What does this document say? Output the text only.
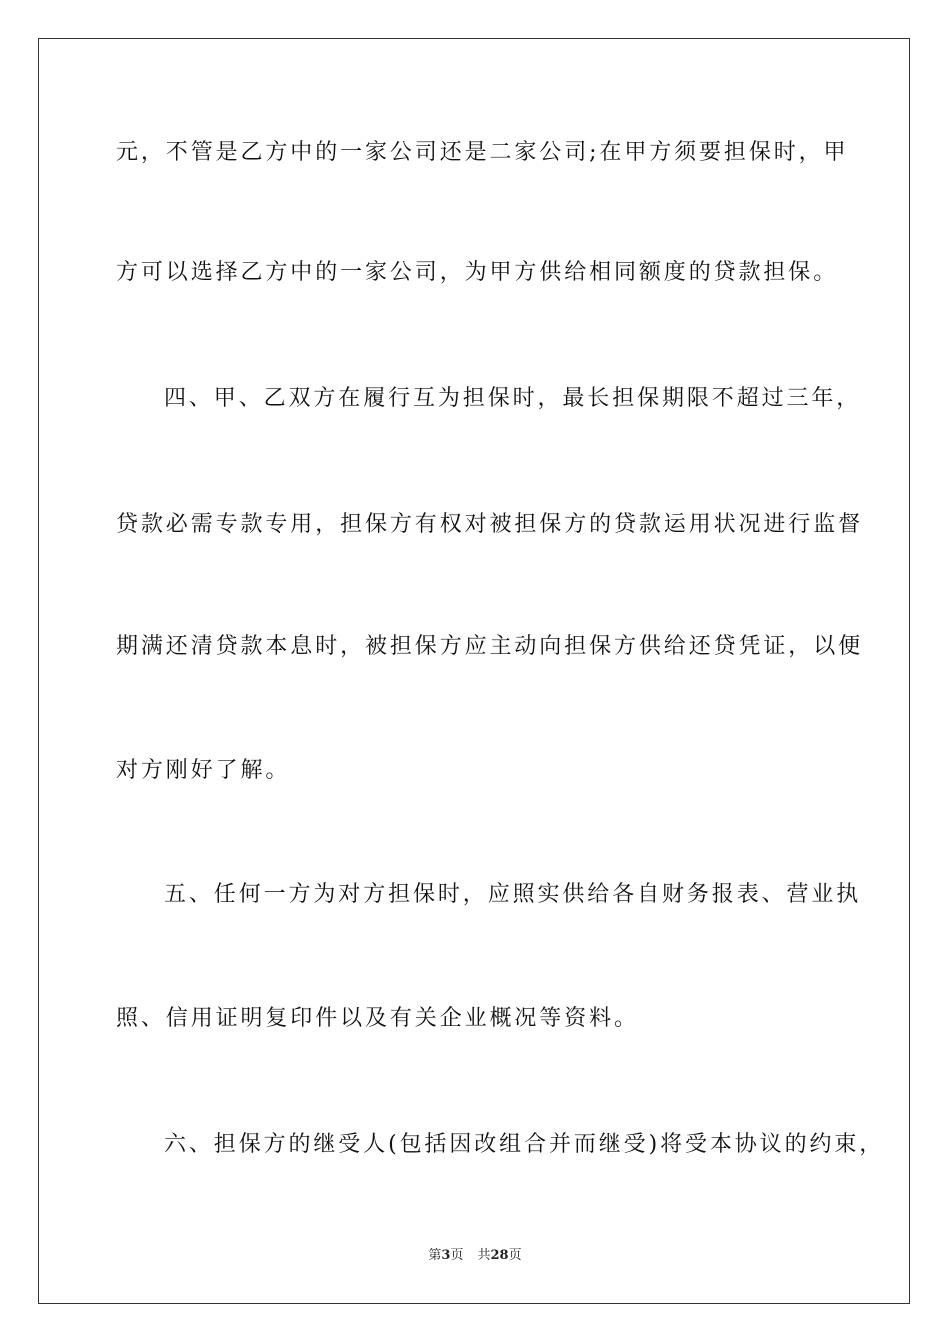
元，不管是乙方中的一家公司还是二家公司;在甲方须要担保时，甲
方可以选择乙方中的一家公司，为甲方供给相同额度的贷款担保。
四、甲、乙双方在履行互为担保时，最长担保期限不超过三年，
贷款必需专款专用，担保方有权对被担保方的贷款运用状况进行监督
期满还清贷款本息时，被担保方应主动向担保方供给还贷凭证，以便
对方刚好了解。
五、任何一方为对方担保时，应照实供给各自财务报表、营业执
照、信用证明复印件以及有关企业概况等资料。
六、担保方的继受人(包括因改组合并而继受)将受本协议的约束，
第3页 共28页
